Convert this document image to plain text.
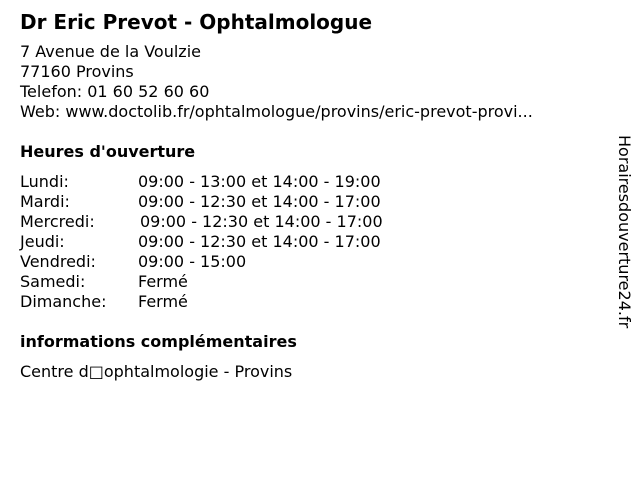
Dr Eric Prevot - Ophtalmologue
7 Avenue de la Voulzie
77160 Provins
Telefon: 01 60 52 60 60
Web: www.doctolib.fr/ophtalmologue/provins/eric-prevot-provi...
Heures d'ouverture
Lundi:	09:00 - 13:00 et 14:00 - 19:00
Mardi:	09:00 - 12:30 et 14:00 - 17:00
Mercredi:	09:00 - 12:30 et 14:00 - 17:00
Jeudi:	09:00 - 12:30 et 14:00 - 17:00
Vendredi:	09:00 - 15:00
Samedi:	Fermé
Dimanche:	Fermé
informations complémentaires
Centre d□ophtalmologie - Provins
Horairesdouverture24.fr
